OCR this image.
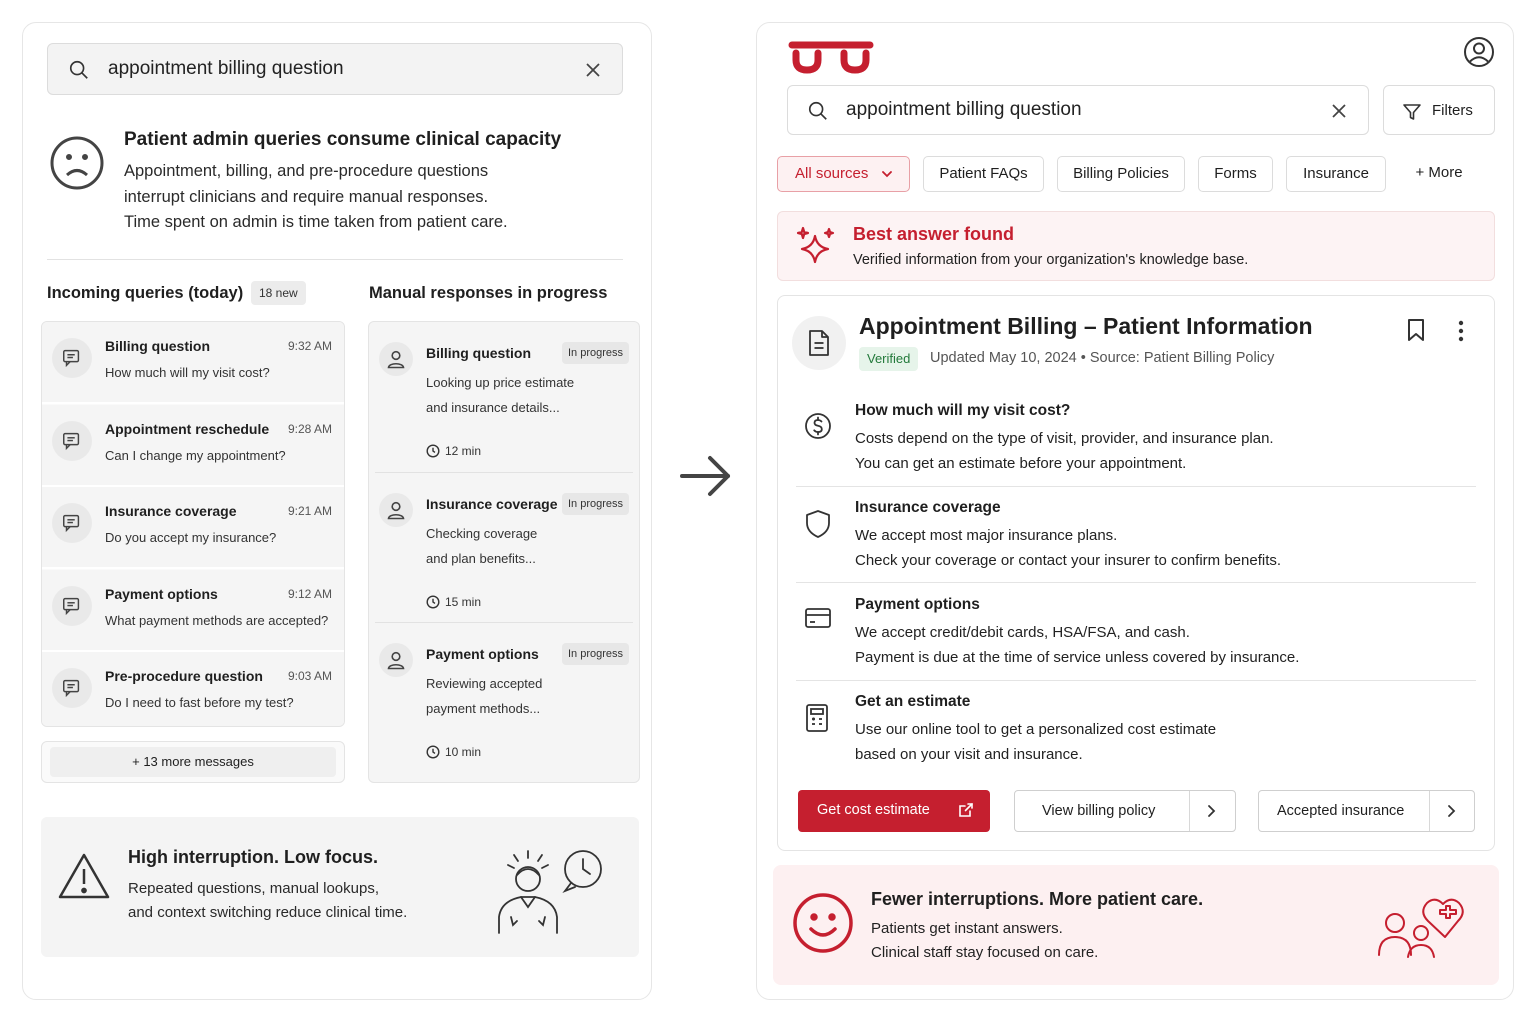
appointment billing question
Patient admin queries consume clinical capacity
Appointment, billing, and pre-procedure questions
interrupt clinicians and require manual responses.
Time spent on admin is time taken from patient care.
Incoming queries (today)	18 new	Manual responses in progress
Billing question	9:32 AM
How much will my visit cost?
Appointment reschedule 9:28 AM
Can I change my appointment?
Insurance coverage	9:21 AM
Do you accept my insurance?
Payment options	9:12 AM
What payment methods are accepted?
Pre-procedure question 9:03 AM
Do I need to fast before my test?
+ 13 more messages
Billing question	In progress
Looking up price estimate
and insurance details...
12 min
Insurance coverage In progress
Checking coverage
and plan benefits...
15 min
Payment options	In progress
Reviewing accepted
payment methods...
10 min
High interruption. Low focus.
Repeated questions, manual lookups,
and context switching reduce clinical time.
appointment billing question	Filters
All sources	Patient FAQs	Billing Policies	Forms	Insurance	+ More
Best answer found
Verified information from your organization's knowledge base.
Appointment Billing – Patient Information
Verified	Updated May 10, 2024 • Source: Patient Billing Policy
How much will my visit cost?
Costs depend on the type of visit, provider, and insurance plan.
You can get an estimate before your appointment.
Insurance coverage
We accept most major insurance plans.
Check your coverage or contact your insurer to confirm benefits.
Payment options
We accept credit/debit cards, HSA/FSA, and cash.
Payment is due at the time of service unless covered by insurance.
Get an estimate
Use our online tool to get a personalized cost estimate
based on your visit and insurance.
Get cost estimate	View billing policy	Accepted insurance
Fewer interruptions. More patient care.
Patients get instant answers.
Clinical staff stay focused on care.
